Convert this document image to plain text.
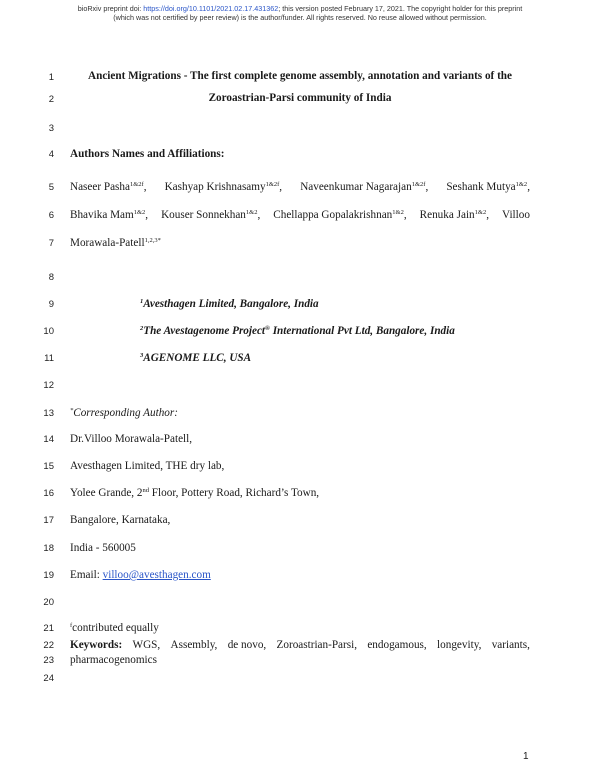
bioRxiv preprint doi: https://doi.org/10.1101/2021.02.17.431362; this version posted February 17, 2021. The copyright holder for this preprint
(which was not certified by peer review) is the author/funder. All rights reserved. No reuse allowed without permission.
1
2
3
4
5
6
7
8
9
10
11
12
13
14
15
16
17
18
19
20
21
22
23
24
Ancient Migrations - The first complete genome assembly, annotation and variants of the
Zoroastrian-Parsi community of India
Authors Names and Affiliations:
Naseer Pasha$^{1\&2f}$, Kashyap Krishnasamy$^{1\&2f}$, Naveenkumar Nagarajan$^{1\&2f}$, Seshank Mutya$^{1\&2}$,
Bhavika Mam$^{1\&2}$, Kouser Sonnekhan$^{1\&2}$, Chellappa Gopalakrishnan$^{1\&2}$, Renuka Jain$^{1\&2}$, Villoo
Morawala-Patell$^{1,2,3*}$
$^1$Avesthagen Limited, Bangalore, India
$^2$The Avestagenome Project® International Pvt Ltd, Bangalore, India
$^3$AGENOME LLC, USA
*Corresponding Author:
Dr.Villoo Morawala-Patell,
Avesthagen Limited, THE dry lab,
Yolee Grande, 2nd Floor, Pottery Road, Richard’s Town,
Bangalore, Karnataka,
India - 560005
Email: villoo@avesthagen.com
$^f$contributed equally
Keywords: WGS, Assembly, de novo, Zoroastrian-Parsi, endogamous, longevity, variants,
pharmacogenomics
1
